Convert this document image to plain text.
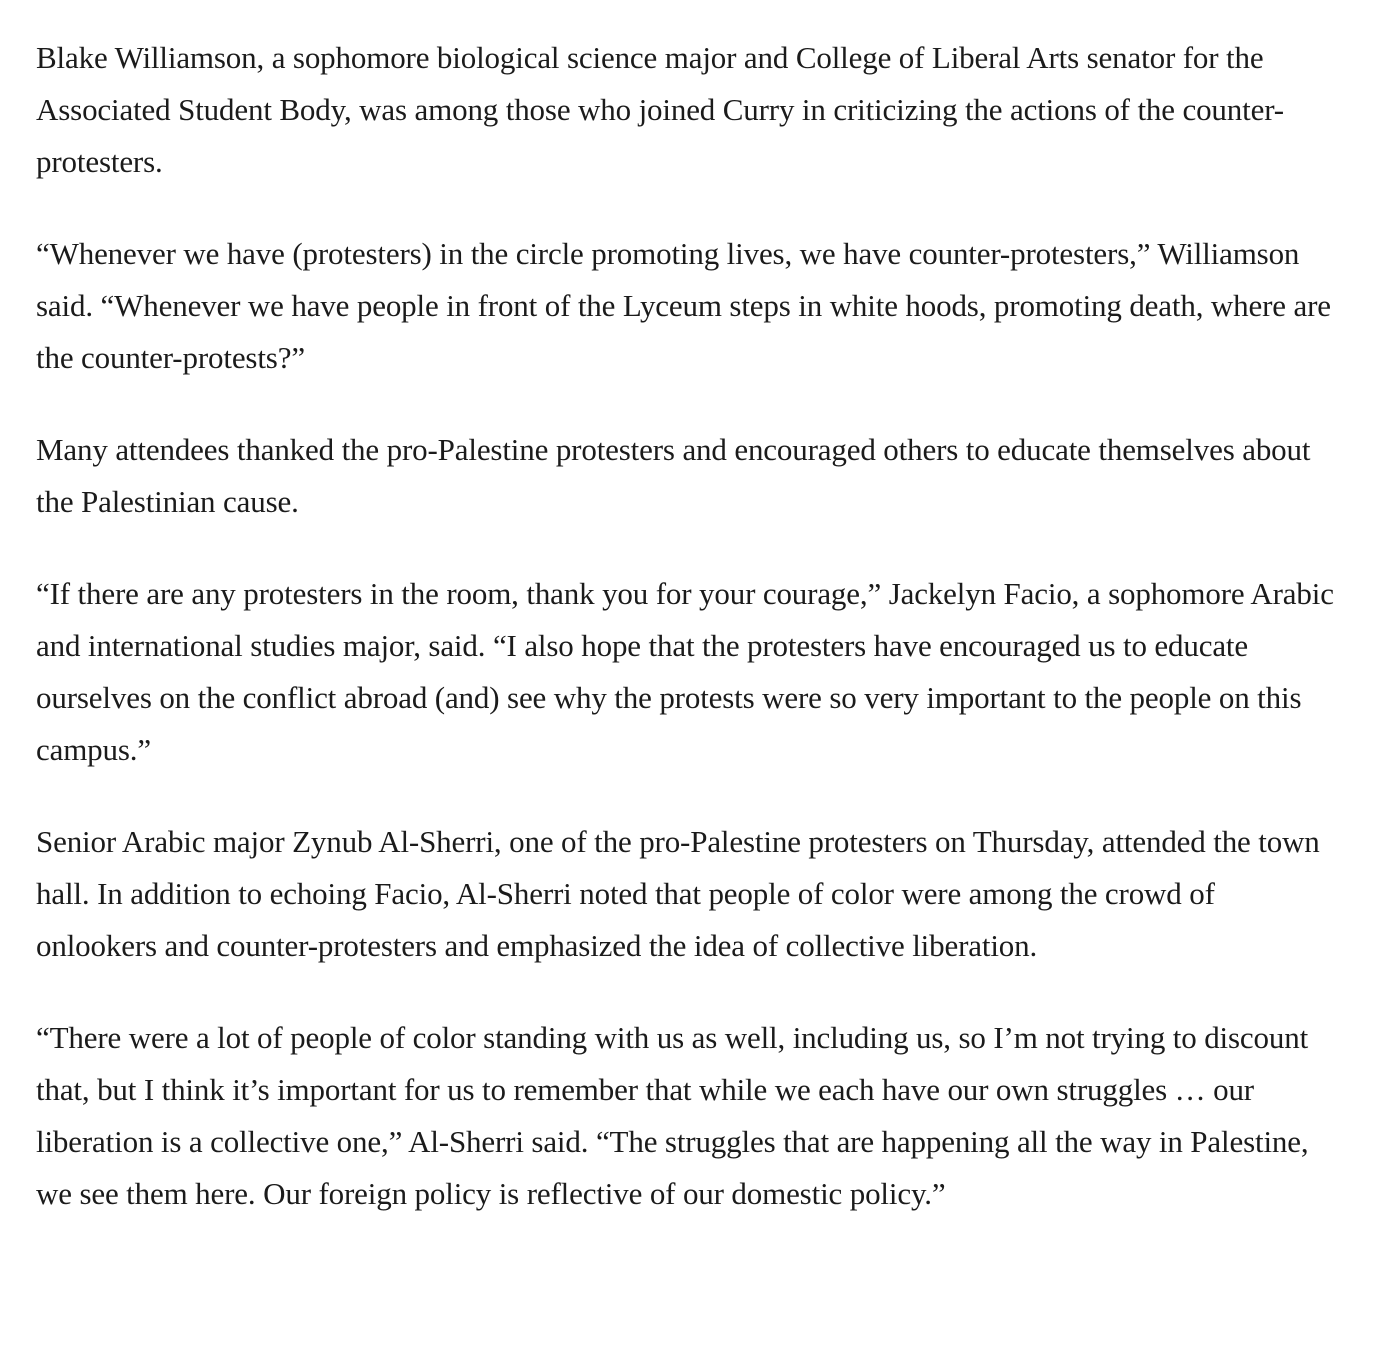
Blake Williamson, a sophomore biological science major and College of Liberal Arts senator for the Associated Student Body, was among those who joined Curry in criticizing the actions of the counter-protesters.

“Whenever we have (protesters) in the circle promoting lives, we have counter-protesters,” Williamson said. “Whenever we have people in front of the Lyceum steps in white hoods, promoting death, where are the counter-protests?”

Many attendees thanked the pro-Palestine protesters and encouraged others to educate themselves about the Palestinian cause.

“If there are any protesters in the room, thank you for your courage,” Jackelyn Facio, a sophomore Arabic and international studies major, said. “I also hope that the protesters have encouraged us to educate ourselves on the conflict abroad (and) see why the protests were so very important to the people on this campus.”

Senior Arabic major Zynub Al-Sherri, one of the pro-Palestine protesters on Thursday, attended the town hall. In addition to echoing Facio, Al-Sherri noted that people of color were among the crowd of onlookers and counter-protesters and emphasized the idea of collective liberation.

“There were a lot of people of color standing with us as well, including us, so I’m not trying to discount that, but I think it’s important for us to remember that while we each have our own struggles … our liberation is a collective one,” Al-Sherri said. “The struggles that are happening all the way in Palestine, we see them here. Our foreign policy is reflective of our domestic policy.”
